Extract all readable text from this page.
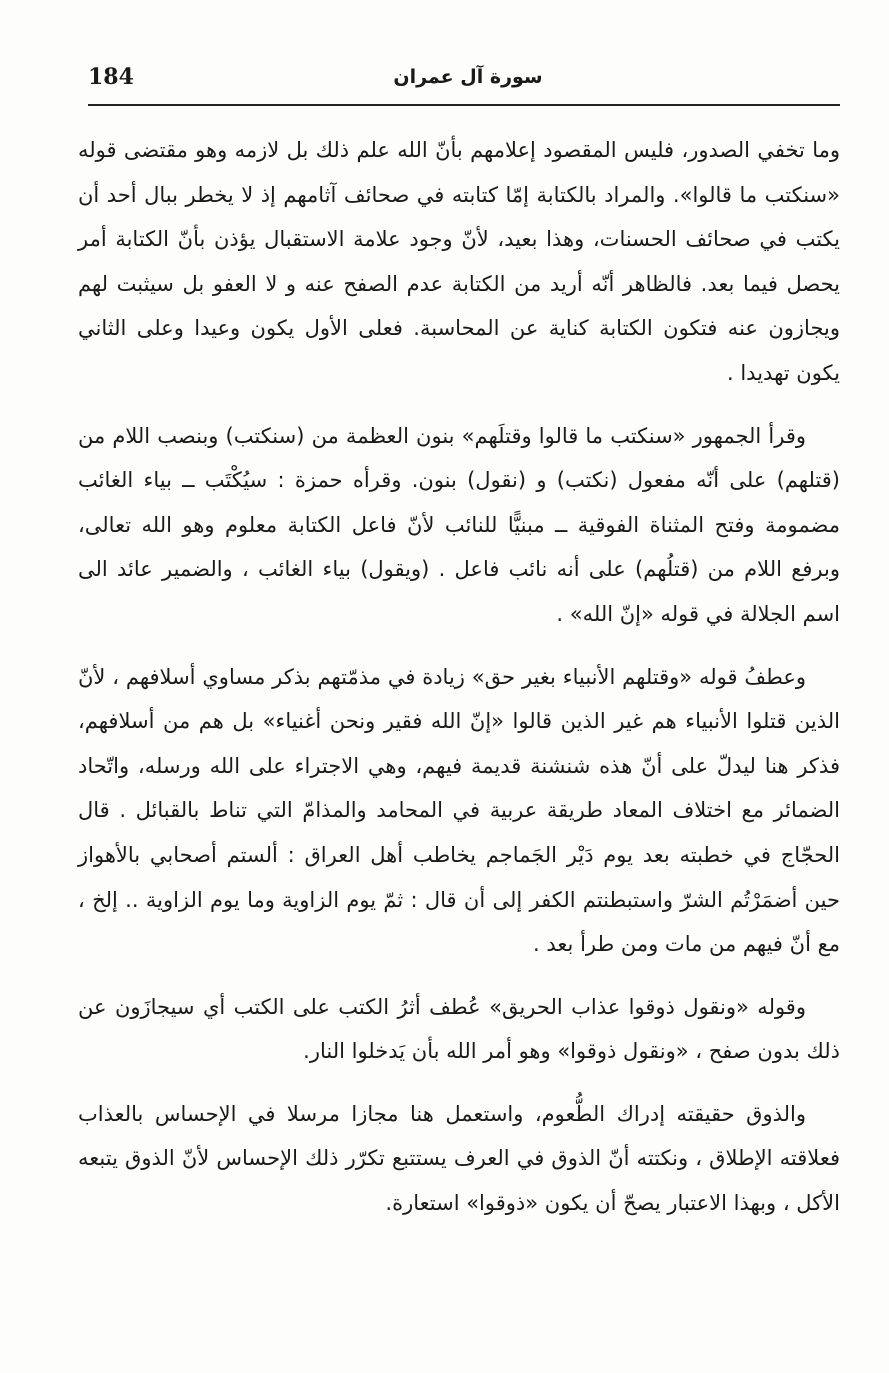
184	سورة آل عمران

وما تخفي الصدور، فليس المقصود إعلامهم بأنّ الله علم ذلك بل لازمه وهو مقتضى قوله «سنكتب ما قالوا». والمراد بالكتابة إمّا كتابته في صحائف آثامهم إذ لا يخطر ببال أحد أن يكتب في صحائف الحسنات، وهذا بعيد، لأنّ وجود علامة الاستقبال يؤذن بأنّ الكتابة أمر يحصل فيما بعد. فالظاهر أنّه أريد من الكتابة عدم الصفح عنه و لا العفو بل سيثبت لهم ويجازون عنه فتكون الكتابة كناية عن المحاسبة. فعلى الأول يكون وعيدا وعلى الثاني يكون تهديدا .

وقرأ الجمهور «سنكتب ما قالوا وقتلَهم» بنون العظمة من (سنكتب) وبنصب اللام من (قتلهم) على أنّه مفعول (نكتب) و (نقول) بنون. وقرأه حمزة : سيُكْتَب ــ بياء الغائب مضمومة وفتح المثناة الفوقية ــ مبنيًّا للنائب لأنّ فاعل الكتابة معلوم وهو الله تعالى، وبرفع اللام من (قتلُهم) على أنه نائب فاعل . (ويقول) بياء الغائب ، والضمير عائد الى اسم الجلالة في قوله «إنّ الله» .

وعطفُ قوله «وقتلهم الأنبياء بغير حق» زيادة في مذمّتهم بذكر مساوي أسلافهم ، لأنّ الذين قتلوا الأنبياء هم غير الذين قالوا «إنّ الله فقير ونحن أغنياء» بل هم من أسلافهم، فذكر هنا ليدلّ على أنّ هذه شنشنة قديمة فيهم، وهي الاجتراء على الله ورسله، واتّحاد الضمائر مع اختلاف المعاد طريقة عربية في المحامد والمذامّ التي تناط بالقبائل . قال الحجّاج في خطبته بعد يوم دَيْر الجَماجم يخاطب أهل العراق : ألستم أصحابي بالأهواز حين أضمَرْتُم الشرّ واستبطنتم الكفر إلى أن قال : ثمّ يوم الزاوية وما يوم الزاوية .. إلخ ، مع أنّ فيهم من مات ومن طرأ بعد .

وقوله «ونقول ذوقوا عذاب الحريق» عُطف أثرُ الكتب على الكتب أي سيجازَون عن ذلك بدون صفح ، «ونقول ذوقوا» وهو أمر الله بأن يَدخلوا النار.

والذوق حقيقته إدراك الطُّعوم، واستعمل هنا مجازا مرسلا في الإحساس بالعذاب فعلاقته الإطلاق ، ونكتته أنّ الذوق في العرف يستتبع تكرّر ذلك الإحساس لأنّ الذوق يتبعه الأكل ، وبهذا الاعتبار يصحّ أن يكون «ذوقوا» استعارة.
